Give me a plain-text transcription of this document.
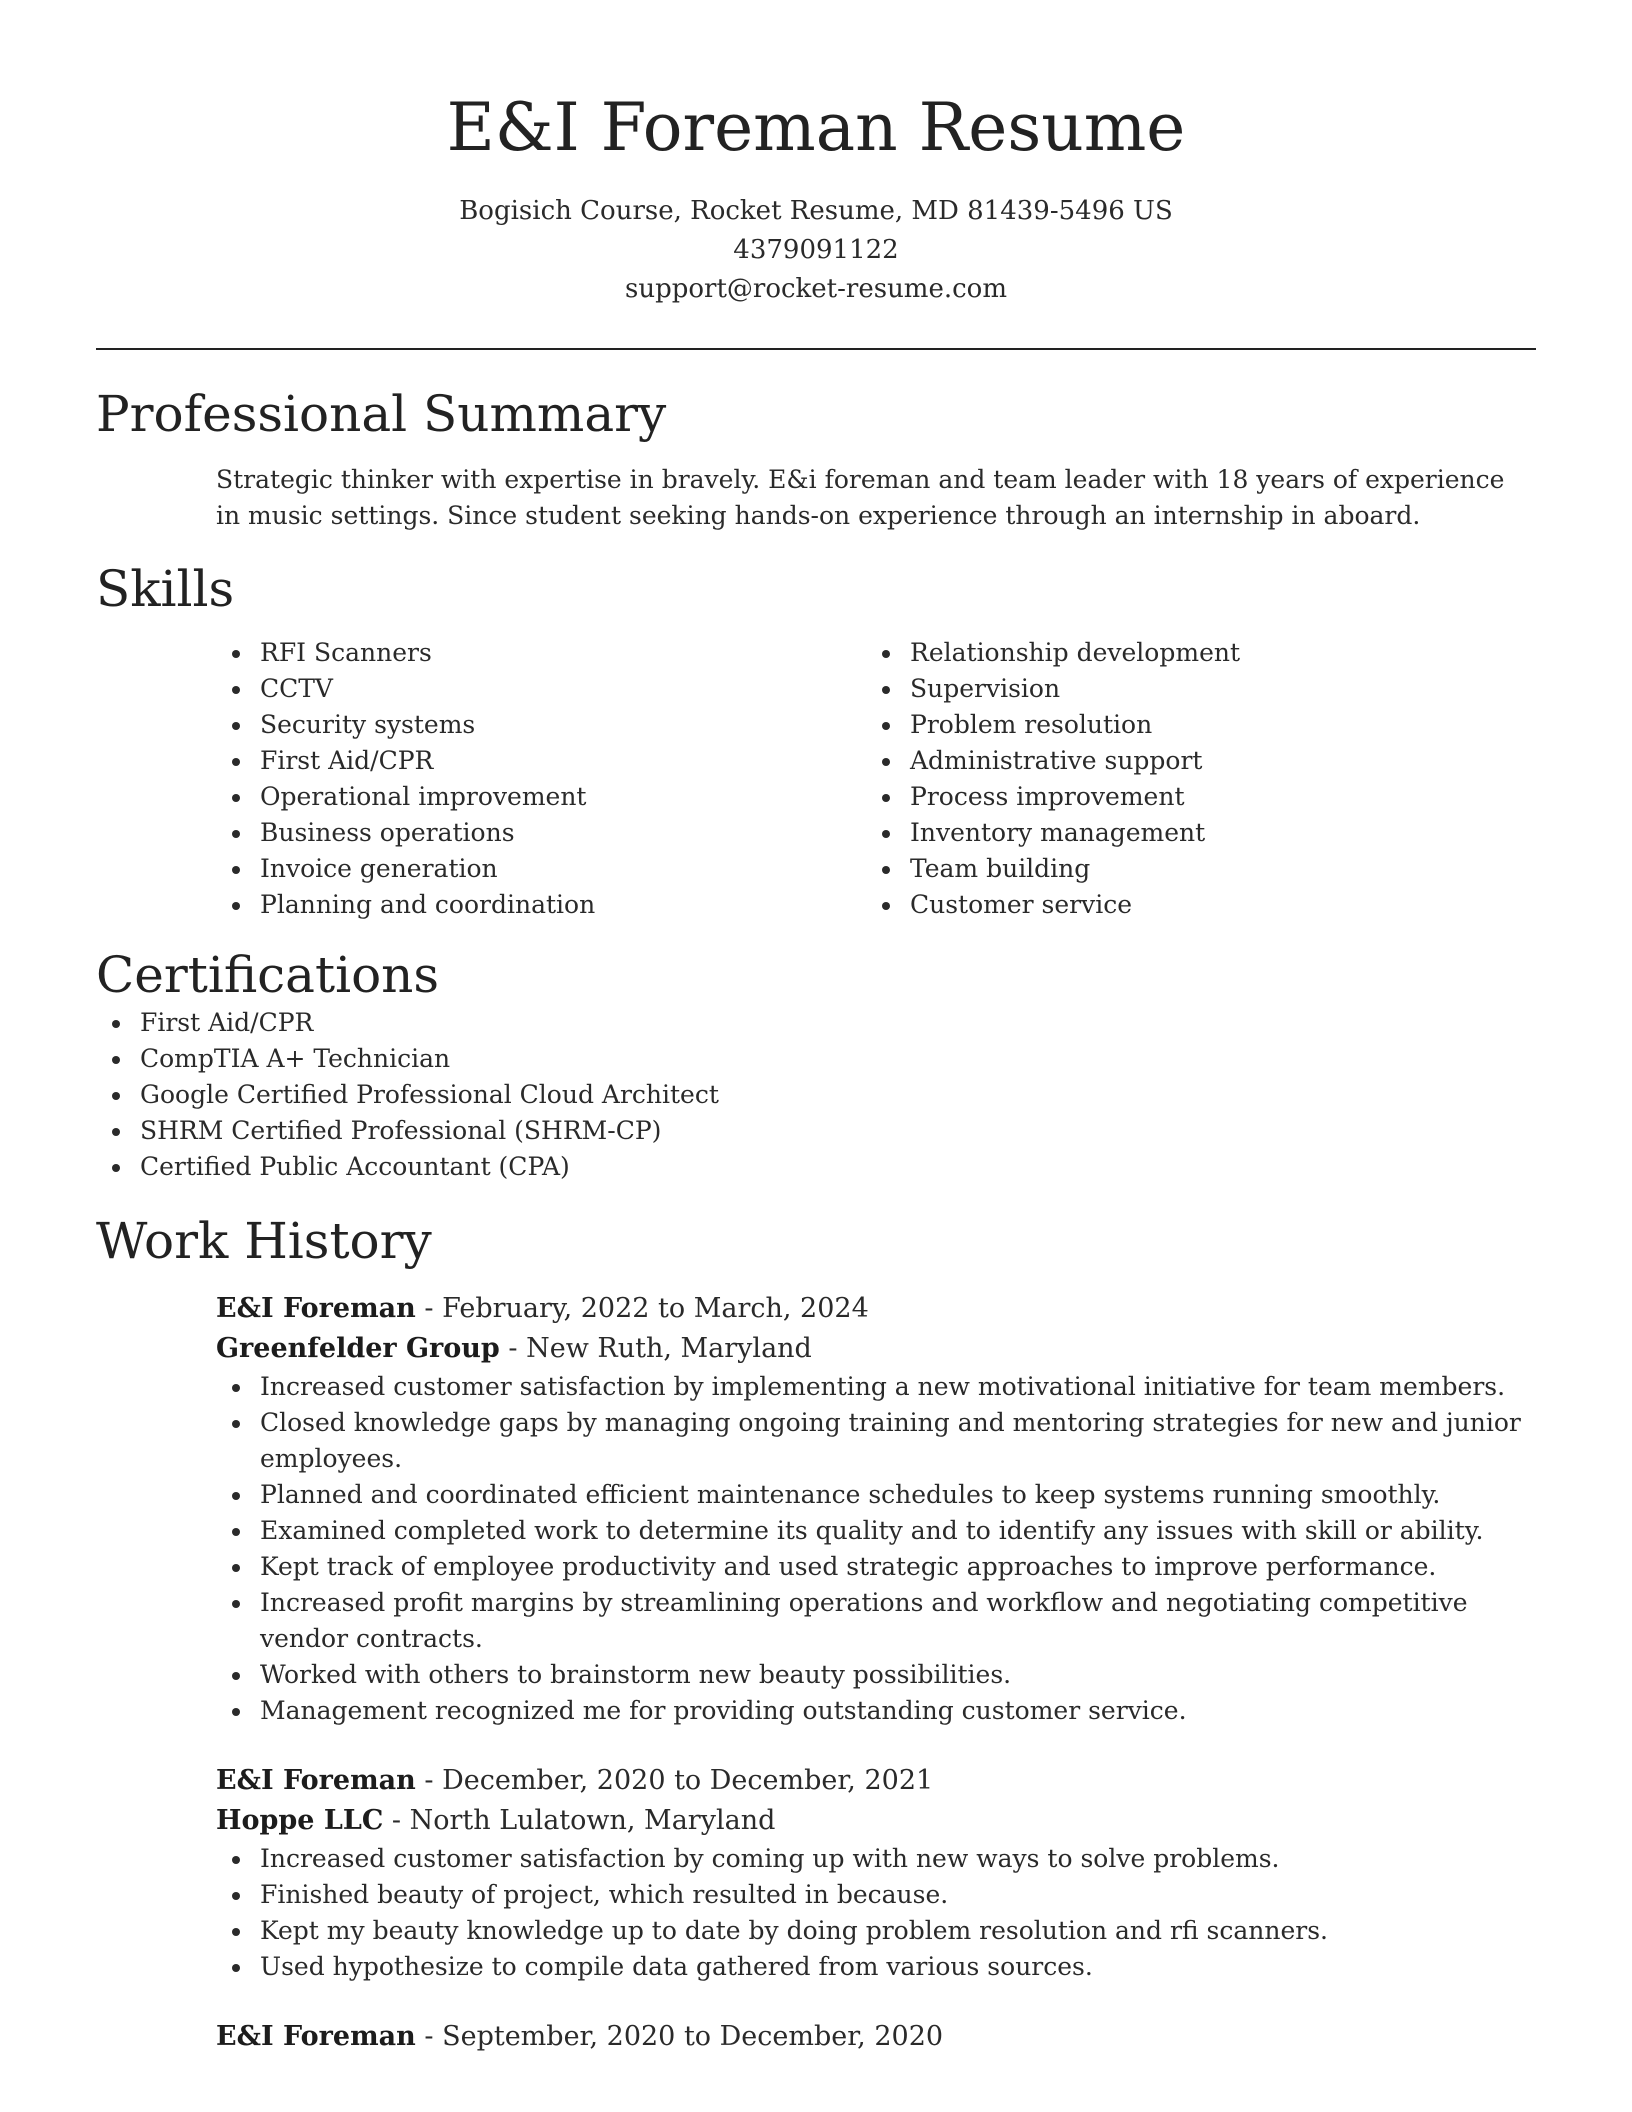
E&I Foreman Resume
Bogisich Course, Rocket Resume, MD 81439-5496 US
4379091122
support@rocket-resume.com
Professional Summary

Strategic thinker with expertise in bravely. E&i foreman and team leader with 18 years of experience in music settings. Since student seeking hands-on experience through an internship in aboard.

Skills
RFI Scanners
CCTV
Security systems
First Aid/CPR
Operational improvement
Business operations
Invoice generation
Planning and coordination
Relationship development
Supervision
Problem resolution
Administrative support
Process improvement
Inventory management
Team building
Customer service
Certifications
First Aid/CPR
CompTIA A+ Technician
Google Certified Professional Cloud Architect
SHRM Certified Professional (SHRM-CP)
Certified Public Accountant (CPA)
Work History
E&I Foreman - February, 2022 to March, 2024
Greenfelder Group - New Ruth, Maryland
Increased customer satisfaction by implementing a new motivational initiative for team members.
Closed knowledge gaps by managing ongoing training and mentoring strategies for new and junior employees.
Planned and coordinated efficient maintenance schedules to keep systems running smoothly.
Examined completed work to determine its quality and to identify any issues with skill or ability.
Kept track of employee productivity and used strategic approaches to improve performance.
Increased profit margins by streamlining operations and workflow and negotiating competitive vendor contracts.
Worked with others to brainstorm new beauty possibilities.
Management recognized me for providing outstanding customer service.
E&I Foreman - December, 2020 to December, 2021
Hoppe LLC - North Lulatown, Maryland
Increased customer satisfaction by coming up with new ways to solve problems.
Finished beauty of project, which resulted in because.
Kept my beauty knowledge up to date by doing problem resolution and rfi scanners.
Used hypothesize to compile data gathered from various sources.
E&I Foreman - September, 2020 to December, 2020
